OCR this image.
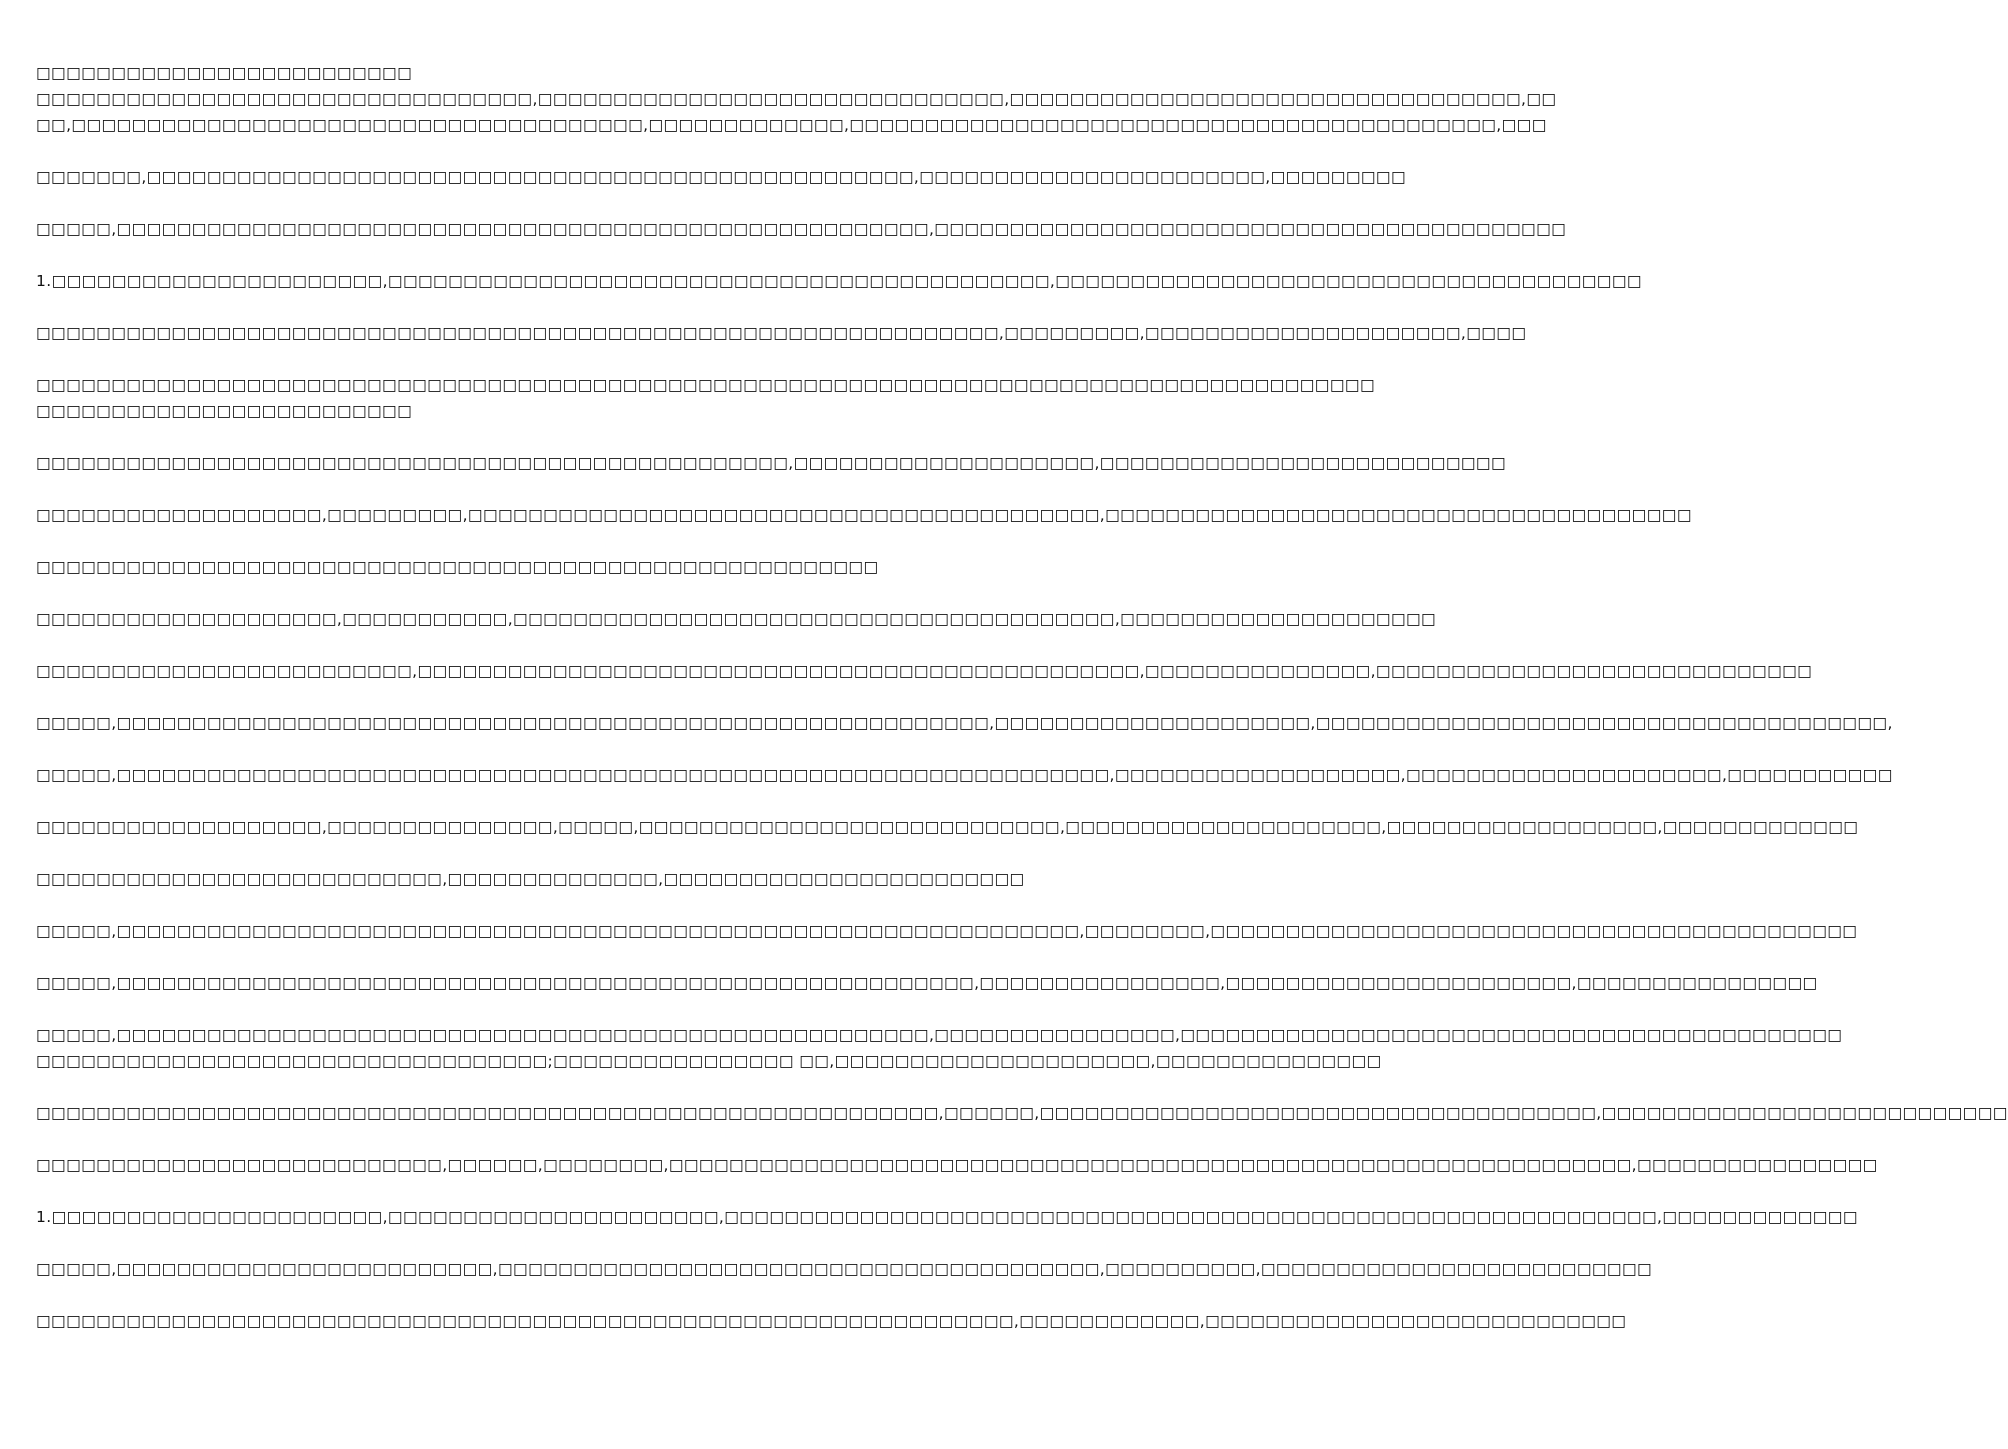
□□□□□□□□□□□□□□□□□□□□□□□□□
□□□□□□□□□□□□□□□□□□□□□□□□□□□□□□□□□,□□□□□□□□□□□□□□□□□□□□□□□□□□□□□□□,□□□□□□□□□□□□□□□□□□□□□□□□□□□□□□□□□□,□□
□□,□□□□□□□□□□□□□□□□□□□□□□□□□□□□□□□□□□□□□□,□□□□□□□□□□□□□,□□□□□□□□□□□□□□□□□□□□□□□□□□□□□□□□□□□□□□□□□□□,□□□
□□□□□□□,□□□□□□□□□□□□□□□□□□□□□□□□□□□□□□□□□□□□□□□□□□□□□□□□□□□,□□□□□□□□□□□□□□□□□□□□□□□,□□□□□□□□□
□□□□□,□□□□□□□□□□□□□□□□□□□□□□□□□□□□□□□□□□□□□□□□□□□□□□□□□□□□□□,□□□□□□□□□□□□□□□□□□□□□□□□□□□□□□□□□□□□□□□□□□
1.□□□□□□□□□□□□□□□□□□□□□□,□□□□□□□□□□□□□□□□□□□□□□□□□□□□□□□□□□□□□□□□□□□□,□□□□□□□□□□□□□□□□□□□□□□□□□□□□□□□□□□□□□□□
□□□□□□□□□□□□□□□□□□□□□□□□□□□□□□□□□□□□□□□□□□□□□□□□□□□□□□□□□□□□□□□□,□□□□□□□□□,□□□□□□□□□□□□□□□□□□□□□,□□□□
□□□□□□□□□□□□□□□□□□□□□□□□□□□□□□□□□□□□□□□□□□□□□□□□□□□□□□□□□□□□□□□□□□□□□□□□□□□□□□□□□□□□□□□□□
□□□□□□□□□□□□□□□□□□□□□□□□□
□□□□□□□□□□□□□□□□□□□□□□□□□□□□□□□□□□□□□□□□□□□□□□□□□□,□□□□□□□□□□□□□□□□□□□□,□□□□□□□□□□□□□□□□□□□□□□□□□□□
□□□□□□□□□□□□□□□□□□□,□□□□□□□□□,□□□□□□□□□□□□□□□□□□□□□□□□□□□□□□□□□□□□□□□□□□,□□□□□□□□□□□□□□□□□□□□□□□□□□□□□□□□□□□□□□□
□□□□□□□□□□□□□□□□□□□□□□□□□□□□□□□□□□□□□□□□□□□□□□□□□□□□□□□□
□□□□□□□□□□□□□□□□□□□□,□□□□□□□□□□□,□□□□□□□□□□□□□□□□□□□□□□□□□□□□□□□□□□□□□□□□,□□□□□□□□□□□□□□□□□□□□□
□□□□□□□□□□□□□□□□□□□□□□□□□,□□□□□□□□□□□□□□□□□□□□□□□□□□□□□□□□□□□□□□□□□□□□□□□□,□□□□□□□□□□□□□□□,□□□□□□□□□□□□□□□□□□□□□□□□□□□□□
□□□□□,□□□□□□□□□□□□□□□□□□□□□□□□□□□□□□□□□□□□□□□□□□□□□□□□□□□□□□□□□□,□□□□□□□□□□□□□□□□□□□□□,□□□□□□□□□□□□□□□□□□□□□□□□□□□□□□□□□□□□□□,
□□□□□,□□□□□□□□□□□□□□□□□□□□□□□□□□□□□□□□□□□□□□□□□□□□□□□□□□□□□□□□□□□□□□□□□□,□□□□□□□□□□□□□□□□□□□,□□□□□□□□□□□□□□□□□□□□□,□□□□□□□□□□□
□□□□□□□□□□□□□□□□□□□,□□□□□□□□□□□□□□□,□□□□□,□□□□□□□□□□□□□□□□□□□□□□□□□□□□,□□□□□□□□□□□□□□□□□□□□□,□□□□□□□□□□□□□□□□□□,□□□□□□□□□□□□□
□□□□□□□□□□□□□□□□□□□□□□□□□□□,□□□□□□□□□□□□□□,□□□□□□□□□□□□□□□□□□□□□□□□
□□□□□,□□□□□□□□□□□□□□□□□□□□□□□□□□□□□□□□□□□□□□□□□□□□□□□□□□□□□□□□□□□□□□□□,□□□□□□□□,□□□□□□□□□□□□□□□□□□□□□□□□□□□□□□□□□□□□□□□□□□□
□□□□□,□□□□□□□□□□□□□□□□□□□□□□□□□□□□□□□□□□□□□□□□□□□□□□□□□□□□□□□□□,□□□□□□□□□□□□□□□□,□□□□□□□□□□□□□□□□□□□□□□□,□□□□□□□□□□□□□□□□
□□□□□,□□□□□□□□□□□□□□□□□□□□□□□□□□□□□□□□□□□□□□□□□□□□□□□□□□□□□□,□□□□□□□□□□□□□□□□,□□□□□□□□□□□□□□□□□□□□□□□□□□□□□□□□□□□□□□□□□□□□
□□□□□□□□□□□□□□□□□□□□□□□□□□□□□□□□□□;□□□□□□□□□□□□□□□□ □□,□□□□□□□□□□□□□□□□□□□□□,□□□□□□□□□□□□□□□
□□□□□□□□□□□□□□□□□□□□□□□□□□□□□□□□□□□□□□□□□□□□□□□□□□□□□□□□□□□□,□□□□□□,□□□□□□□□□□□□□□□□□□□□□□□□□□□□□□□□□□□□□,□□□□□□□□□□□□□□□□□□□□□□□□□□□
□□□□□□□□□□□□□□□□□□□□□□□□□□□,□□□□□□,□□□□□□□□,□□□□□□□□□□□□□□□□□□□□□□□□□□□□□□□□□□□□□□□□□□□□□□□□□□□□□□□□□□□□□□□□,□□□□□□□□□□□□□□□□
1.□□□□□□□□□□□□□□□□□□□□□□,□□□□□□□□□□□□□□□□□□□□□□,□□□□□□□□□□□□□□□□□□□□□□□□□□□□□□□□□□□□□□□□□□□□□□□□□□□□□□□□□□□□□□,□□□□□□□□□□□□□
□□□□□,□□□□□□□□□□□□□□□□□□□□□□□□□,□□□□□□□□□□□□□□□□□□□□□□□□□□□□□□□□□□□□□□□□,□□□□□□□□□□,□□□□□□□□□□□□□□□□□□□□□□□□□□
□□□□□□□□□□□□□□□□□□□□□□□□□□□□□□□□□□□□□□□□□□□□□□□□□□□□□□□□□□□□□□□□□,□□□□□□□□□□□□,□□□□□□□□□□□□□□□□□□□□□□□□□□□□
